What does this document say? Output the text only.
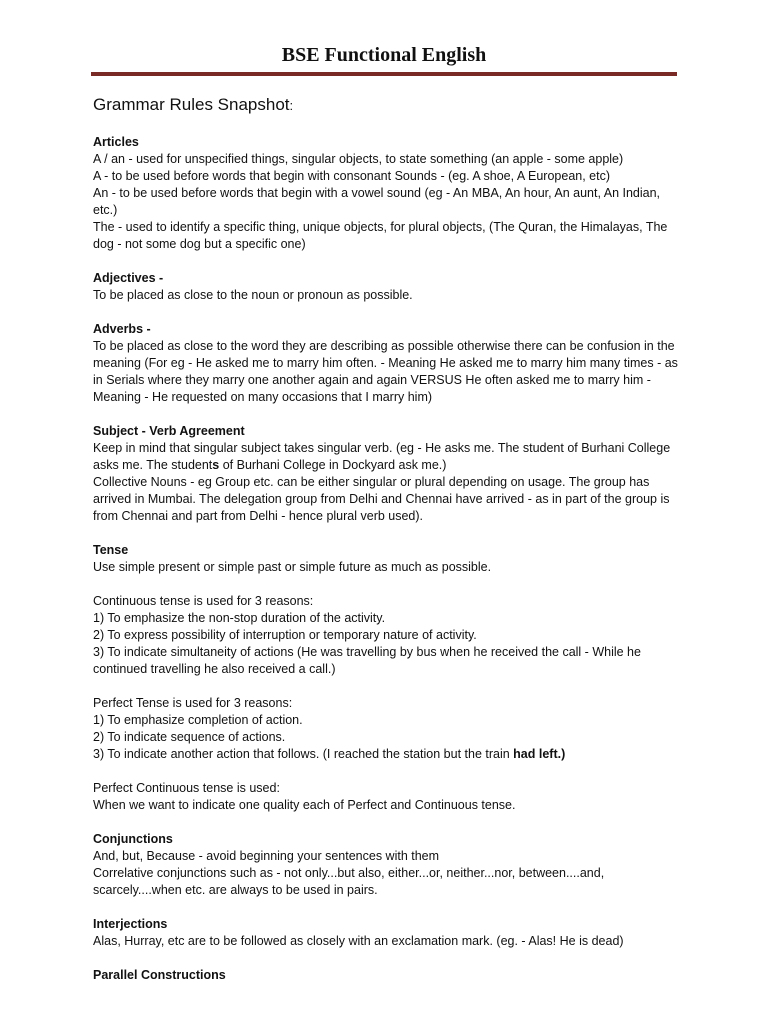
BSE Functional English
Grammar Rules Snapshot:
Articles

A / an - used for unspecified things, singular objects, to state something (an apple - some apple)

A - to be used before words that begin with consonant Sounds - (eg. A shoe, A European, etc)

An - to be used before words that begin with a vowel sound (eg - An MBA, An hour, An aunt, An Indian, etc.)

The - used to identify a specific thing, unique objects, for plural objects, (The Quran, the Himalayas, The dog - not some dog but a specific one)

Adjectives -

To be placed as close to the noun or pronoun as possible.

Adverbs -

To be placed as close to the word they are describing as possible otherwise there can be confusion in the meaning (For eg - He asked me to marry him often. - Meaning He asked me to marry him many times - as in Serials where they marry one another again and again VERSUS He often asked me to marry him - Meaning - He requested on many occasions that I marry him)

Subject - Verb Agreement

Keep in mind that singular subject takes singular verb. (eg - He asks me. The student of Burhani College asks me. The students of Burhani College in Dockyard ask me.)

Collective Nouns - eg Group etc. can be either singular or plural depending on usage. The group has arrived in Mumbai. The delegation group from Delhi and Chennai have arrived - as in part of the group is from Chennai and part from Delhi - hence plural verb used).

Tense

Use simple present or simple past or simple future as much as possible.

Continuous tense is used for 3 reasons:

1) To emphasize the non-stop duration of the activity.

2) To express possibility of interruption or temporary nature of activity.

3) To indicate simultaneity of actions (He was travelling by bus when he received the call - While he continued travelling he also received a call.)

Perfect Tense is used for 3 reasons:

1) To emphasize completion of action.

2) To indicate sequence of actions.

3) To indicate another action that follows. (I reached the station but the train had left.)

Perfect Continuous tense is used:

When we want to indicate one quality each of Perfect and Continuous tense.

Conjunctions

And, but, Because - avoid beginning your sentences with them

Correlative conjunctions such as - not only...but also, either...or, neither...nor, between....and, scarcely....when etc. are always to be used in pairs.

Interjections

Alas, Hurray, etc are to be followed as closely with an exclamation mark. (eg. - Alas! He is dead)

Parallel Constructions
